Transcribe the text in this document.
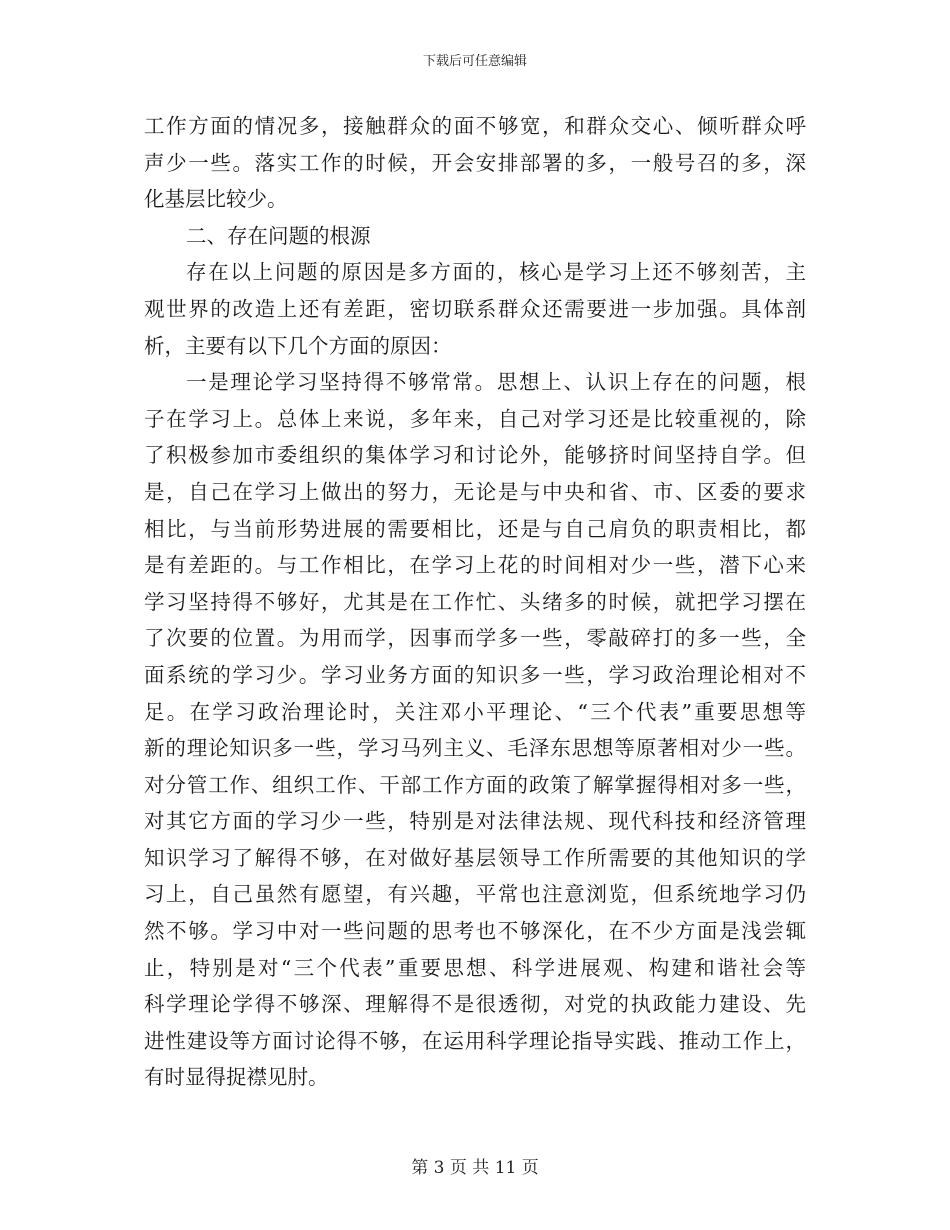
下载后可任意编辑
工作方面的情况多，接触群众的面不够宽，和群众交心、倾听群众呼
声少一些。落实工作的时候，开会安排部署的多，一般号召的多，深
化基层比较少。
二、存在问题的根源
存在以上问题的原因是多方面的，核心是学习上还不够刻苦，主
观世界的改造上还有差距，密切联系群众还需要进一步加强。具体剖
析，主要有以下几个方面的原因：
一是理论学习坚持得不够常常。思想上、认识上存在的问题，根
子在学习上。总体上来说，多年来，自己对学习还是比较重视的，除
了积极参加市委组织的集体学习和讨论外，能够挤时间坚持自学。但
是，自己在学习上做出的努力，无论是与中央和省、市、区委的要求
相比，与当前形势进展的需要相比，还是与自己肩负的职责相比，都
是有差距的。与工作相比，在学习上花的时间相对少一些，潜下心来
学习坚持得不够好，尤其是在工作忙、头绪多的时候，就把学习摆在
了次要的位置。为用而学，因事而学多一些，零敲碎打的多一些，全
面系统的学习少。学习业务方面的知识多一些，学习政治理论相对不
足。在学习政治理论时，关注邓小平理论、“三个代表”重要思想等
新的理论知识多一些，学习马列主义、毛泽东思想等原著相对少一些。
对分管工作、组织工作、干部工作方面的政策了解掌握得相对多一些，
对其它方面的学习少一些，特别是对法律法规、现代科技和经济管理
知识学习了解得不够，在对做好基层领导工作所需要的其他知识的学
习上，自己虽然有愿望，有兴趣，平常也注意浏览，但系统地学习仍
然不够。学习中对一些问题的思考也不够深化，在不少方面是浅尝辄
止，特别是对“三个代表”重要思想、科学进展观、构建和谐社会等
科学理论学得不够深、理解得不是很透彻，对党的执政能力建设、先
进性建设等方面讨论得不够，在运用科学理论指导实践、推动工作上，
有时显得捉襟见肘。
第 3 页 共 11 页
